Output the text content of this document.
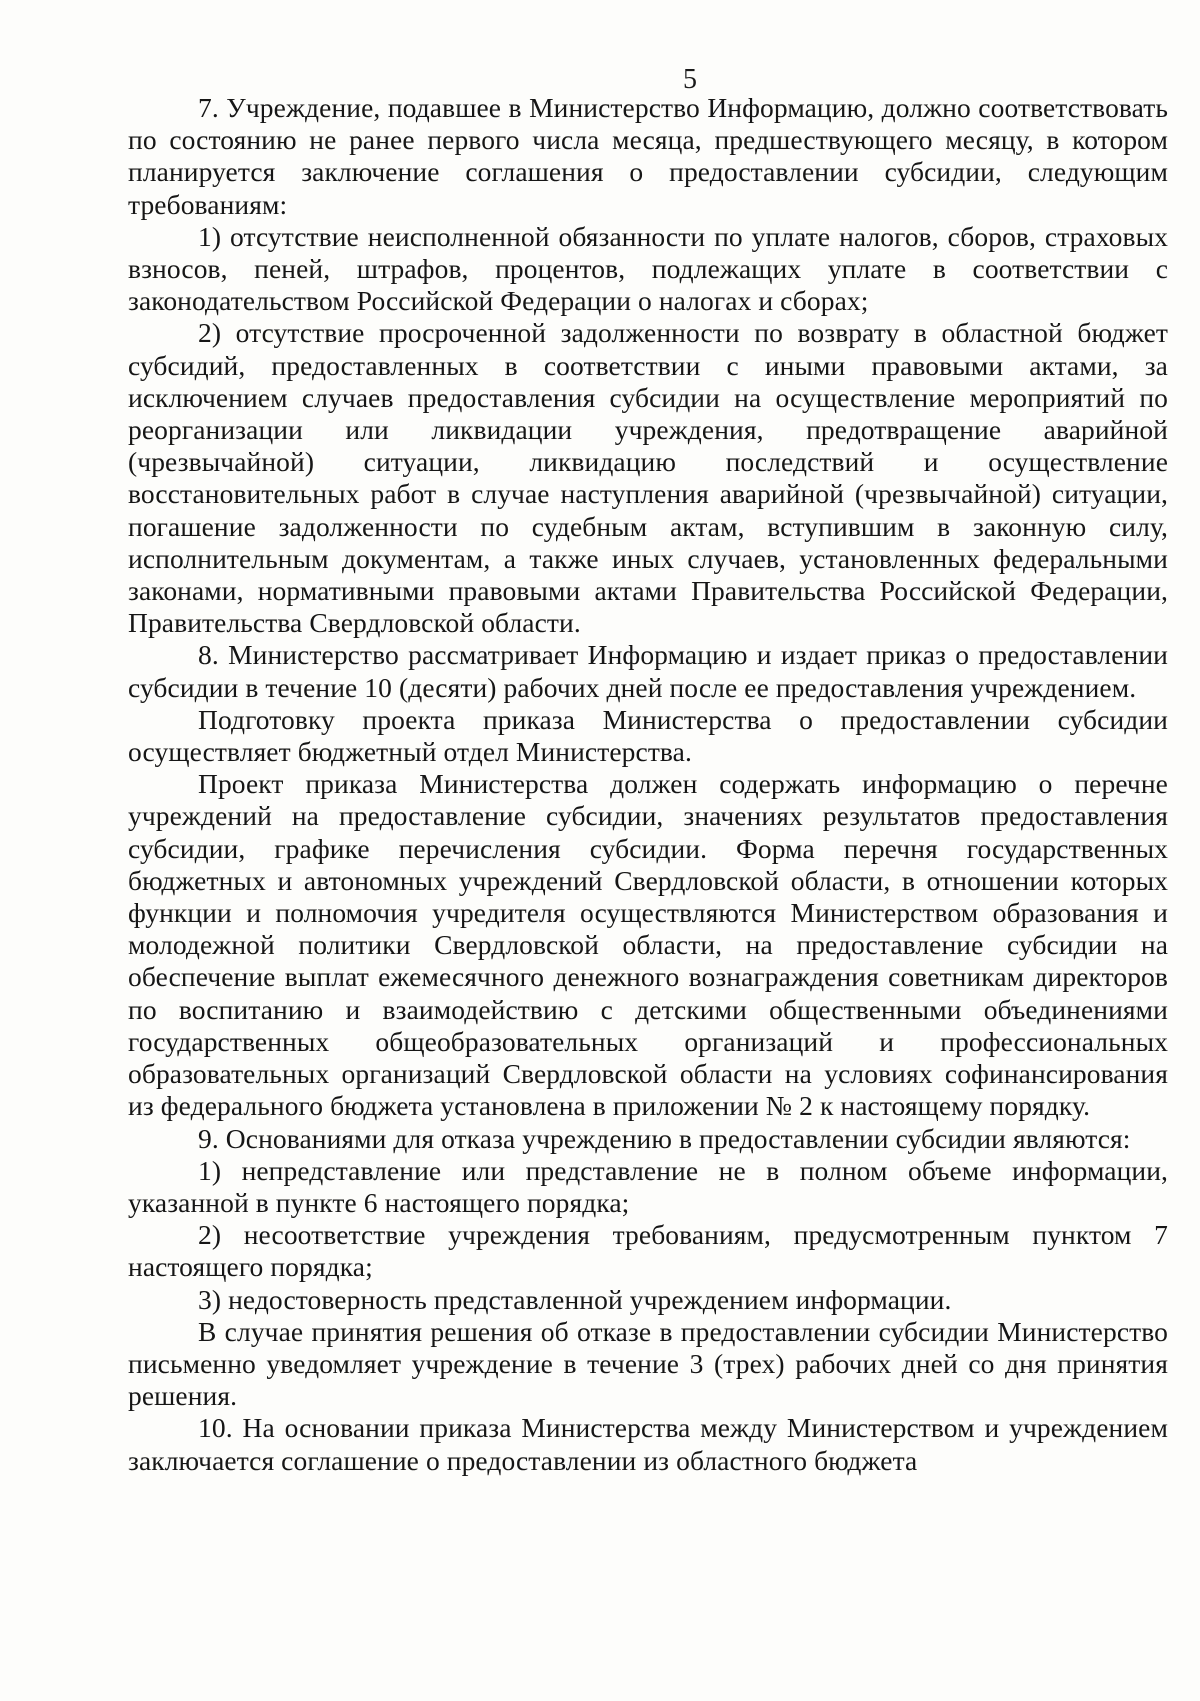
5

7. Учреждение, подавшее в Министерство Информацию, должно соответствовать по состоянию не ранее первого числа месяца, предшествующего месяцу, в котором планируется заключение соглашения о предоставлении субсидии, следующим требованиям:

1) отсутствие неисполненной обязанности по уплате налогов, сборов, страховых взносов, пеней, штрафов, процентов, подлежащих уплате в соответствии с законодательством Российской Федерации о налогах и сборах;

2) отсутствие просроченной задолженности по возврату в областной бюджет субсидий, предоставленных в соответствии с иными правовыми актами, за исключением случаев предоставления субсидии на осуществление мероприятий по реорганизации или ликвидации учреждения, предотвращение аварийной (чрезвычайной) ситуации, ликвидацию последствий и осуществление восстановительных работ в случае наступления аварийной (чрезвычайной) ситуации, погашение задолженности по судебным актам, вступившим в законную силу, исполнительным документам, а также иных случаев, установленных федеральными законами, нормативными правовыми актами Правительства Российской Федерации, Правительства Свердловской области.

8. Министерство рассматривает Информацию и издает приказ о предоставлении субсидии в течение 10 (десяти) рабочих дней после ее предоставления учреждением.

Подготовку проекта приказа Министерства о предоставлении субсидии осуществляет бюджетный отдел Министерства.

Проект приказа Министерства должен содержать информацию о перечне учреждений на предоставление субсидии, значениях результатов предоставления субсидии, графике перечисления субсидии. Форма перечня государственных бюджетных и автономных учреждений Свердловской области, в отношении которых функции и полномочия учредителя осуществляются Министерством образования и молодежной политики Свердловской области, на предоставление субсидии на обеспечение выплат ежемесячного денежного вознаграждения советникам директоров по воспитанию и взаимодействию с детскими общественными объединениями государственных общеобразовательных организаций и профессиональных образовательных организаций Свердловской области на условиях софинансирования из федерального бюджета установлена в приложении № 2 к настоящему порядку.

9. Основаниями для отказа учреждению в предоставлении субсидии являются:

1) непредставление или представление не в полном объеме информации, указанной в пункте 6 настоящего порядка;

2) несоответствие учреждения требованиям, предусмотренным пунктом 7 настоящего порядка;

3) недостоверность представленной учреждением информации.

В случае принятия решения об отказе в предоставлении субсидии Министерство письменно уведомляет учреждение в течение 3 (трех) рабочих дней со дня принятия решения.

10. На основании приказа Министерства между Министерством и учреждением заключается соглашение о предоставлении из областного бюджета
